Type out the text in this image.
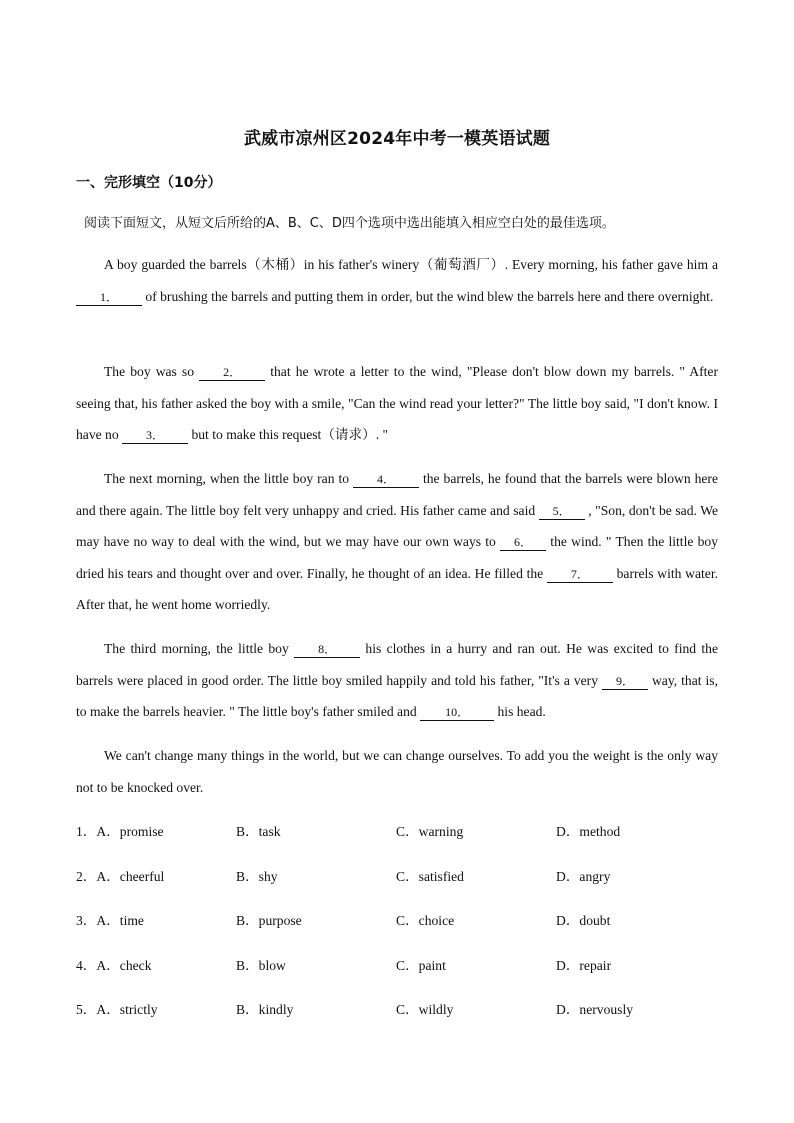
武威市凉州区2024年中考一模英语试题
一、完形填空（10分）
阅读下面短文，从短文后所给的A、B、C、D四个选项中选出能填入相应空白处的最佳选项。

A boy guarded the barrels（木桶）in his father's winery（葡萄酒厂）. Every morning, his father gave him a 1． of brushing the barrels and putting them in order, but the wind blew the barrels here and there overnight.

The boy was so 2． that he wrote a letter to the wind, "Please don't blow down my barrels. " After seeing that, his father asked the boy with a smile, "Can the wind read your letter?" The little boy said, "I don't know. I have no 3． but to make this request（请求）. "

The next morning, when the little boy ran to 4． the barrels, he found that the barrels were blown here and there again. The little boy felt very unhappy and cried. His father came and said 5． , "Son, don't be sad. We may have no way to deal with the wind, but we may have our own ways to 6． the wind. " Then the little boy dried his tears and thought over and over. Finally, he thought of an idea. He filled the 7． barrels with water. After that, he went home worriedly.

The third morning, the little boy 8． his clothes in a hurry and ran out. He was excited to find the barrels were placed in good order. The little boy smiled happily and told his father, "It's a very 9． way, that is, to make the barrels heavier. " The little boy's father smiled and 10． his head.

We can't change many things in the world, but we can change ourselves. To add you the weight is the only way not to be knocked over.

1．A．promise	B．task	C．warning	D．method
2．A．cheerful	B．shy	C．satisfied	D．angry
3．A．time	B．purpose	C．choice	D．doubt
4．A．check	B．blow	C．paint	D．repair
5．A．strictly	B．kindly	C．wildly	D．nervously
